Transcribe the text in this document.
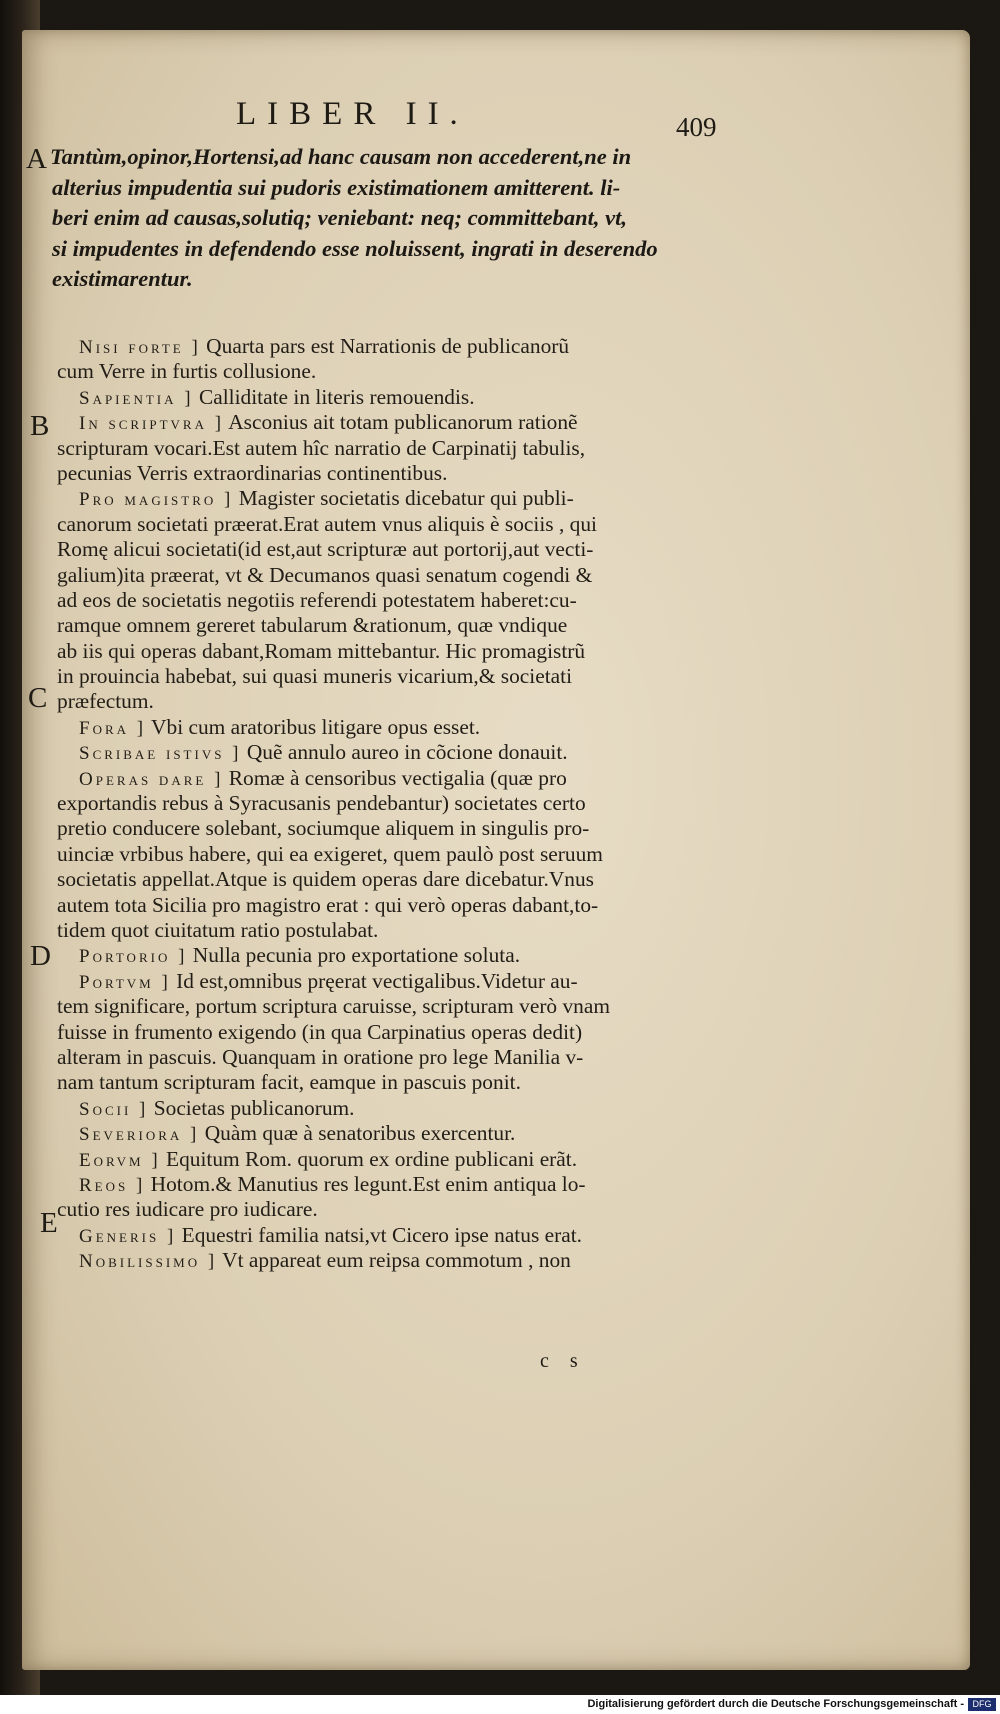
LIBER II.	409
A
B
C
D
E
Tantùm,opinor,Hortensi,ad hanc causam non accederent,ne in
alterius impudentia sui pudoris existimationem amitterent. li-
beri enim ad causas,solutiq; veniebant: neq; committebant, vt,
si impudentes in defendendo esse noluissent, ingrati in deserendo
existimarentur.
Nisi forte ] Quarta pars est Narrationis de publicanorũ
cum Verre in furtis collusione.
Sapientia ] Calliditate in literis remouendis.
In scriptvra ] Asconius ait totam publicanorum rationẽ
scripturam vocari.Est autem hîc narratio de Carpinatij tabulis,
pecunias Verris extraordinarias continentibus.
Pro magistro ] Magister societatis dicebatur qui publi-
canorum societati præerat.Erat autem vnus aliquis è sociis , qui
Romę alicui societati(id est,aut scripturæ aut portorij,aut vecti-
galium)ita præerat, vt & Decumanos quasi senatum cogendi &
ad eos de societatis negotiis referendi potestatem haberet:cu-
ramque omnem gereret tabularum &rationum, quæ vndique
ab iis qui operas dabant,Romam mittebantur. Hic promagistrũ
in prouincia habebat, sui quasi muneris vicarium,& societati
præfectum.
Fora ] Vbi cum aratoribus litigare opus esset.
Scribae istivs ] Quẽ annulo aureo in cõcione donauit.
Operas dare ] Romæ à censoribus vectigalia (quæ pro
exportandis rebus à Syracusanis pendebantur) societates certo
pretio conducere solebant, sociumque aliquem in singulis pro-
uinciæ vrbibus habere, qui ea exigeret, quem paulò post seruum
societatis appellat.Atque is quidem operas dare dicebatur.Vnus
autem tota Sicilia pro magistro erat : qui verò operas dabant,to-
tidem quot ciuitatum ratio postulabat.
Portorio ] Nulla pecunia pro exportatione soluta.
Portvm ] Id est,omnibus pręerat vectigalibus.Videtur au-
tem significare, portum scriptura caruisse, scripturam verò vnam
fuisse in frumento exigendo (in qua Carpinatius operas dedit)
alteram in pascuis. Quanquam in oratione pro lege Manilia v-
nam tantum scripturam facit, eamque in pascuis ponit.
Socii ] Societas publicanorum.
Severiora ] Quàm quæ à senatoribus exercentur.
Eorvm ] Equitum Rom. quorum ex ordine publicani erãt.
Reos ] Hotom.& Manutius res legunt.Est enim antiqua lo-
cutio res iudicare pro iudicare.
Generis ] Equestri familia natsi,vt Cicero ipse natus erat.
Nobilissimo ] Vt appareat eum reipsa commotum , non
c s
Digitalisierung gefördert durch die Deutsche Forschungsgemeinschaft - DFG
